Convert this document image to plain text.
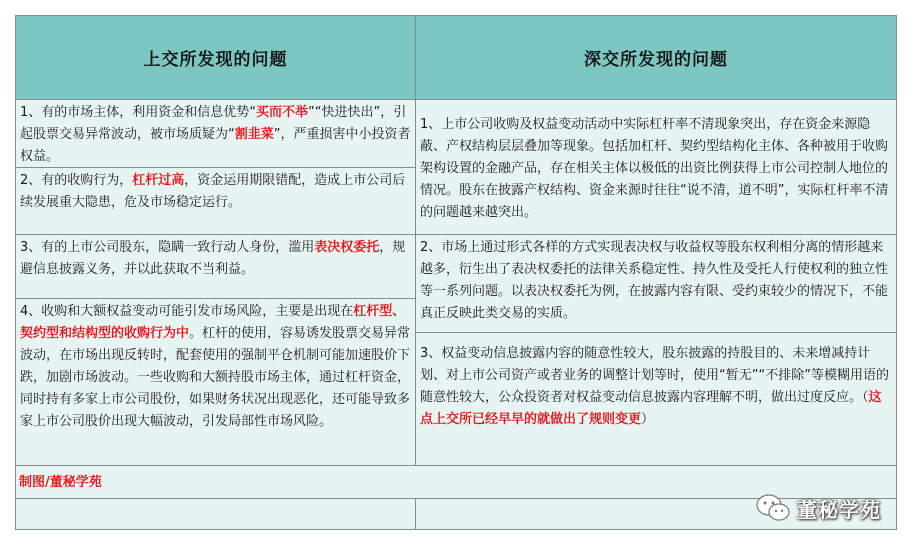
上交所发现的问题	深交所发现的问题
1、有的市场主体，利用资金和信息优势“买而不举”“快进快出”，引起股票交易异常波动，被市场质疑为“割韭菜”，严重损害中小投资者权益。
2、有的收购行为，杠杆过高，资金运用期限错配，造成上市公司后续发展重大隐患，危及市场稳定运行。
3、有的上市公司股东，隐瞒一致行动人身份，滥用表决权委托，规避信息披露义务，并以此获取不当利益。
4、收购和大额权益变动可能引发市场风险，主要是出现在杠杆型、契约型和结构型的收购行为中。杠杆的使用，容易诱发股票交易异常波动，在市场出现反转时，配套使用的强制平仓机制可能加速股价下跌，加剧市场波动。一些收购和大额持股市场主体，通过杠杆资金，同时持有多家上市公司股份，如果财务状况出现恶化，还可能导致多家上市公司股价出现大幅波动，引发局部性市场风险。
1、上市公司收购及权益变动活动中实际杠杆率不清现象突出，存在资金来源隐蔽、产权结构层层叠加等现象。包括加杠杆、契约型结构化主体、各种被用于收购架构设置的金融产品，存在相关主体以极低的出资比例获得上市公司控制人地位的情况。股东在披露产权结构、资金来源时往往“说不清，道不明”，实际杠杆率不清的问题越来越突出。
2、市场上通过形式各样的方式实现表决权与收益权等股东权利相分离的情形越来越多，衍生出了表决权委托的法律关系稳定性、持久性及受托人行使权利的独立性等一系列问题。以表决权委托为例，在披露内容有限、受约束较少的情况下，不能真正反映此类交易的实质。
3、权益变动信息披露内容的随意性较大，股东披露的持股目的、未来增减持计划、对上市公司资产或者业务的调整计划等时，使用“暂无”“不排除”等模糊用语的随意性较大，公众投资者对权益变动信息披露内容理解不明，做出过度反应。（这点上交所已经早早的就做出了规则变更）
制图/董秘学苑
董秘学苑
